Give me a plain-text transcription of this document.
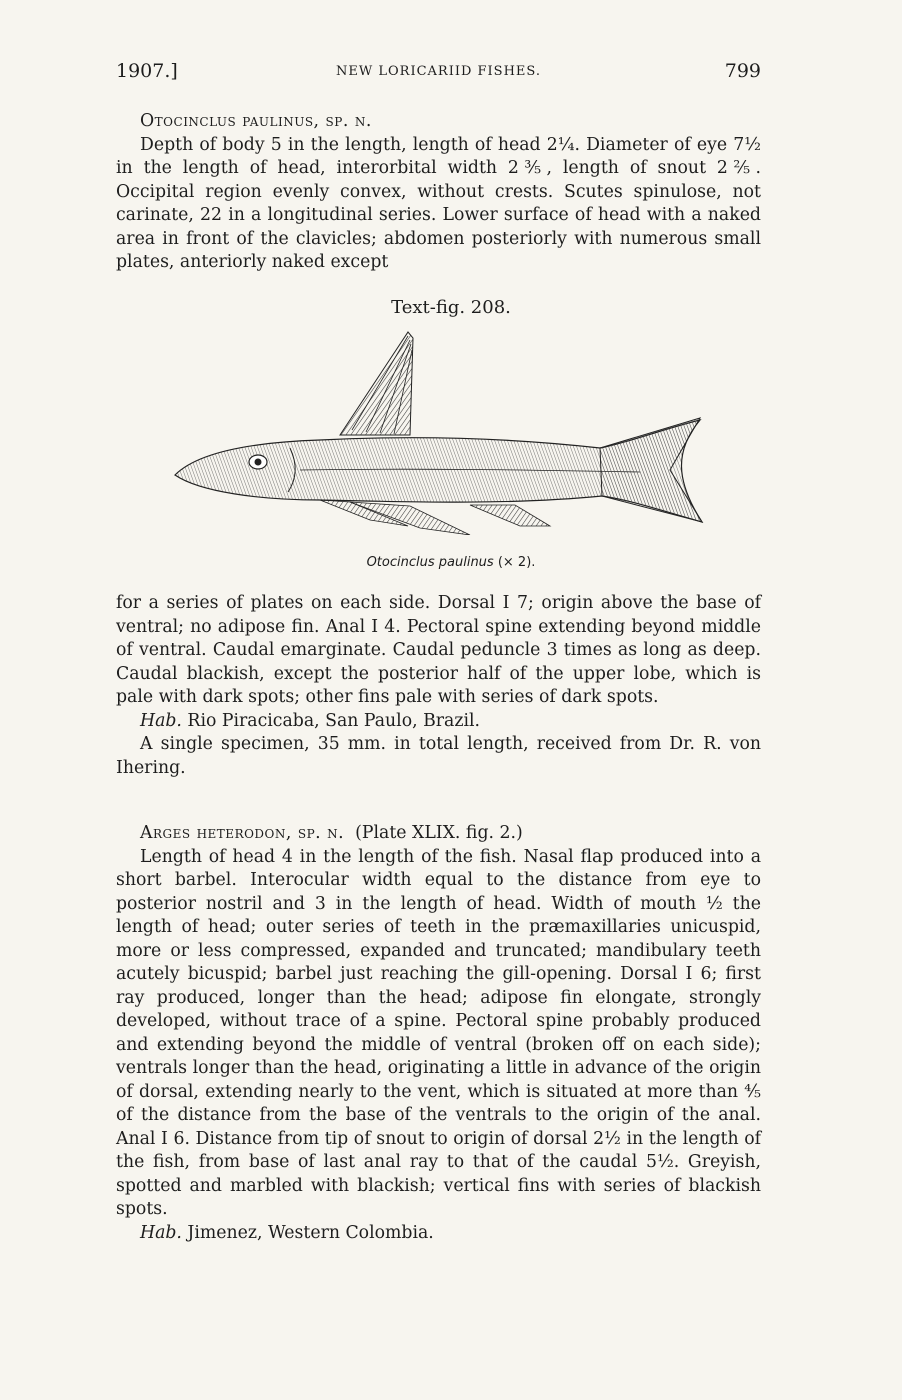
1907.]	NEW LORICARIID FISHES.	799

Otocinclus paulinus, sp. n.

Depth of body 5 in the length, length of head 2¼. Diameter of eye 7½ in the length of head, interorbital width 2⅗, length of snout 2⅖. Occipital region evenly convex, without crests. Scutes spinulose, not carinate, 22 in a longitudinal series. Lower surface of head with a naked area in front of the clavicles; abdomen posteriorly with numerous small plates, anteriorly naked except

Text-fig. 208.
Otocinclus paulinus (× 2).

for a series of plates on each side. Dorsal I 7; origin above the base of ventral; no adipose fin. Anal I 4. Pectoral spine extending beyond middle of ventral. Caudal emarginate. Caudal peduncle 3 times as long as deep. Caudal blackish, except the posterior half of the upper lobe, which is pale with dark spots; other fins pale with series of dark spots.

Hab. Rio Piracicaba, San Paulo, Brazil.

A single specimen, 35 mm. in total length, received from Dr. R. von Ihering.

Arges heterodon, sp. n. (Plate XLIX. fig. 2.)

Length of head 4 in the length of the fish. Nasal flap produced into a short barbel. Interocular width equal to the distance from eye to posterior nostril and 3 in the length of head. Width of mouth ½ the length of head; outer series of teeth in the præmaxillaries unicuspid, more or less compressed, expanded and truncated; mandibulary teeth acutely bicuspid; barbel just reaching the gill-opening. Dorsal I 6; first ray produced, longer than the head; adipose fin elongate, strongly developed, without trace of a spine. Pectoral spine probably produced and extending beyond the middle of ventral (broken off on each side); ventrals longer than the head, originating a little in advance of the origin of dorsal, extending nearly to the vent, which is situated at more than ⅘ of the distance from the base of the ventrals to the origin of the anal. Anal I 6. Distance from tip of snout to origin of dorsal 2½ in the length of the fish, from base of last anal ray to that of the caudal 5½. Greyish, spotted and marbled with blackish; vertical fins with series of blackish spots.

Hab. Jimenez, Western Colombia.
